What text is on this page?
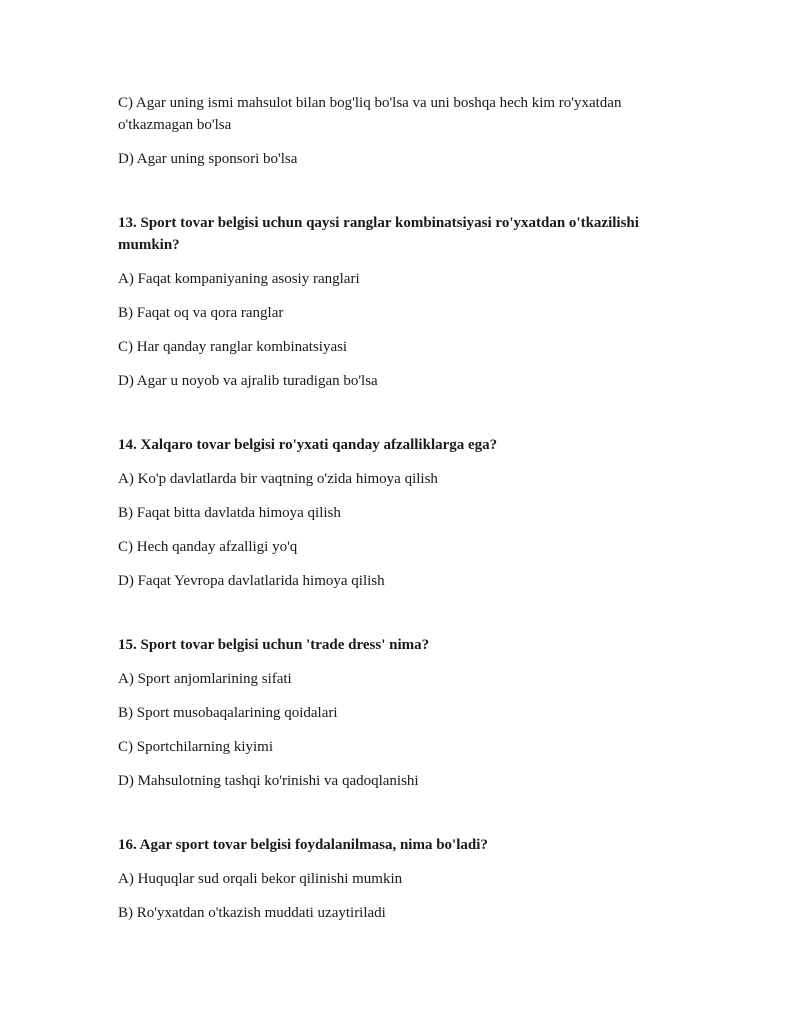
C) Agar uning ismi mahsulot bilan bog'liq bo'lsa va uni boshqa hech kim ro'yxatdan o'tkazmagan bo'lsa

D) Agar uning sponsori bo'lsa

13. Sport tovar belgisi uchun qaysi ranglar kombinatsiyasi ro'yxatdan o'tkazilishi mumkin?

A) Faqat kompaniyaning asosiy ranglari

B) Faqat oq va qora ranglar

C) Har qanday ranglar kombinatsiyasi

D) Agar u noyob va ajralib turadigan bo'lsa

14. Xalqaro tovar belgisi ro'yxati qanday afzalliklarga ega?

A) Ko'p davlatlarda bir vaqtning o'zida himoya qilish

B) Faqat bitta davlatda himoya qilish

C) Hech qanday afzalligi yo'q

D) Faqat Yevropa davlatlarida himoya qilish

15. Sport tovar belgisi uchun 'trade dress' nima?

A) Sport anjomlarining sifati

B) Sport musobaqalarining qoidalari

C) Sportchilarning kiyimi

D) Mahsulotning tashqi ko'rinishi va qadoqlanishi

16. Agar sport tovar belgisi foydalanilmasa, nima bo'ladi?

A) Huquqlar sud orqali bekor qilinishi mumkin

B) Ro'yxatdan o'tkazish muddati uzaytiriladi
